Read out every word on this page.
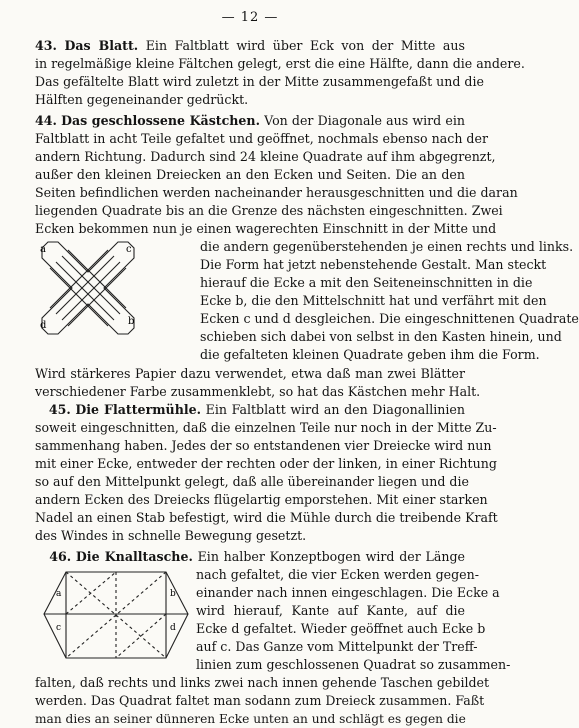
— 12 —
43. Das Blatt. Ein Faltblatt wird über Eck von der Mitte aus
in regelmäßige kleine Fältchen gelegt, erst die eine Hälfte, dann die andere.
Das gefältelte Blatt wird zuletzt in der Mitte zusammengefaßt und die
Hälften gegeneinander gedrückt.
44. Das geschlossene Kästchen. Von der Diagonale aus wird ein
Faltblatt in acht Teile gefaltet und geöffnet, nochmals ebenso nach der
andern Richtung. Dadurch sind 24 kleine Quadrate auf ihm abgegrenzt,
außer den kleinen Dreiecken an den Ecken und Seiten. Die an den
Seiten befindlichen werden nacheinander herausgeschnitten und die daran
liegenden Quadrate bis an die Grenze des nächsten eingeschnitten. Zwei
Ecken bekommen nun je einen wagerechten Einschnitt in der Mitte und
die andern gegenüberstehenden je einen rechts und links.
Die Form hat jetzt nebenstehende Gestalt. Man steckt
hierauf die Ecke a mit den Seiteneinschnitten in die
Ecke b, die den Mittelschnitt hat und verfährt mit den
Ecken c und d desgleichen. Die eingeschnittenen Quadrate
schieben sich dabei von selbst in den Kasten hinein, und
die gefalteten kleinen Quadrate geben ihm die Form.
Wird stärkeres Papier dazu verwendet, etwa daß man zwei Blätter
verschiedener Farbe zusammenklebt, so hat das Kästchen mehr Halt.
a
b
c
d
45. Die Flattermühle. Ein Faltblatt wird an den Diagonallinien
soweit eingeschnitten, daß die einzelnen Teile nur noch in der Mitte Zu-
sammenhang haben. Jedes der so entstandenen vier Dreiecke wird nun
mit einer Ecke, entweder der rechten oder der linken, in einer Richtung
so auf den Mittelpunkt gelegt, daß alle übereinander liegen und die
andern Ecken des Dreiecks flügelartig emporstehen. Mit einer starken
Nadel an einen Stab befestigt, wird die Mühle durch die treibende Kraft
des Windes in schnelle Bewegung gesetzt.
46. Die Knalltasche. Ein halber Konzeptbogen wird der Länge
nach gefaltet, die vier Ecken werden gegen-
einander nach innen eingeschlagen. Die Ecke a
wird hierauf, Kante auf Kante, auf die
Ecke d gefaltet. Wieder geöffnet auch Ecke b
auf c. Das Ganze vom Mittelpunkt der Treff-
linien zum geschlossenen Quadrat so zusammen-
falten, daß rechts und links zwei nach innen gehende Taschen gebildet
werden. Das Quadrat faltet man sodann zum Dreieck zusammen. Faßt
man dies an seiner dünneren Ecke unten an und schlägt es gegen die
a	b
c	d
